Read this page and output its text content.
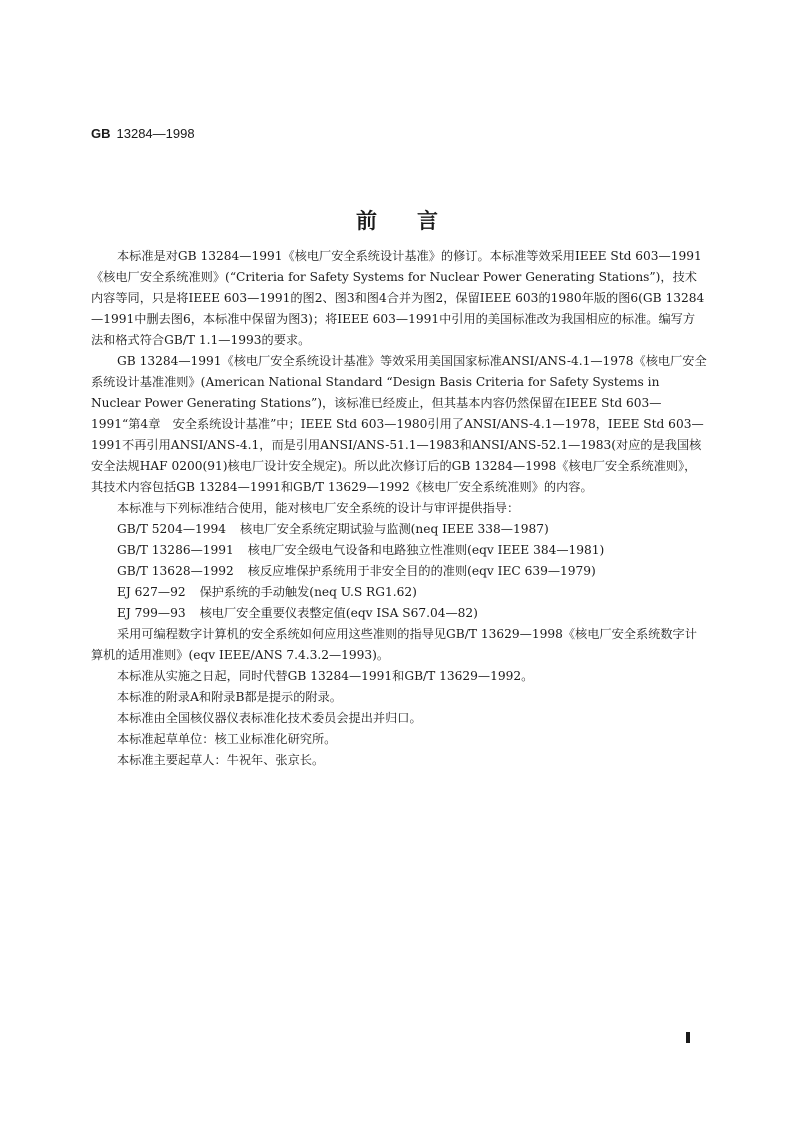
GB 13284—1998
前言

本标准是对GB 13284—1991《核电厂安全系统设计基准》的修订。本标准等效采用IEEE Std 603—1991《核电厂安全系统准则》(“Criteria for Safety Systems for Nuclear Power Generating Stations”)，技术内容等同，只是将IEEE 603—1991的图2、图3和图4合并为图2，保留IEEE 603的1980年版的图6(GB 13284—1991中删去图6，本标准中保留为图3)；将IEEE 603—1991中引用的美国标准改为我国相应的标准。编写方法和格式符合GB/T 1.1—1993的要求。

GB 13284—1991《核电厂安全系统设计基准》等效采用美国国家标准ANSI/ANS-4.1—1978《核电厂安全系统设计基准准则》(American National Standard “Design Basis Criteria for Safety Systems in Nuclear Power Generating Stations”)，该标准已经废止，但其基本内容仍然保留在IEEE Std 603—1991“第4章　安全系统设计基准”中；IEEE Std 603—1980引用了ANSI/ANS-4.1—1978，IEEE Std 603—1991不再引用ANSI/ANS-4.1，而是引用ANSI/ANS-51.1—1983和ANSI/ANS-52.1—1983(对应的是我国核安全法规HAF 0200(91)核电厂设计安全规定)。所以此次修订后的GB 13284—1998《核电厂安全系统准则》，其技术内容包括GB 13284—1991和GB/T 13629—1992《核电厂安全系统准则》的内容。

本标准与下列标准结合使用，能对核电厂安全系统的设计与审评提供指导：

GB/T 5204—1994 核电厂安全系统定期试验与监测(neq IEEE 338—1987)

GB/T 13286—1991 核电厂安全级电气设备和电路独立性准则(eqv IEEE 384—1981)

GB/T 13628—1992 核反应堆保护系统用于非安全目的的准则(eqv IEC 639—1979)

EJ 627—92 保护系统的手动触发(neq U.S RG1.62)

EJ 799—93 核电厂安全重要仪表整定值(eqv ISA S67.04—82)

采用可编程数字计算机的安全系统如何应用这些准则的指导见GB/T 13629—1998《核电厂安全系统数字计算机的适用准则》(eqv IEEE/ANS 7.4.3.2—1993)。

本标准从实施之日起，同时代替GB 13284—1991和GB/T 13629—1992。

本标准的附录A和附录B都是提示的附录。

本标准由全国核仪器仪表标准化技术委员会提出并归口。

本标准起草单位：核工业标准化研究所。

本标准主要起草人：牛祝年、张京长。
